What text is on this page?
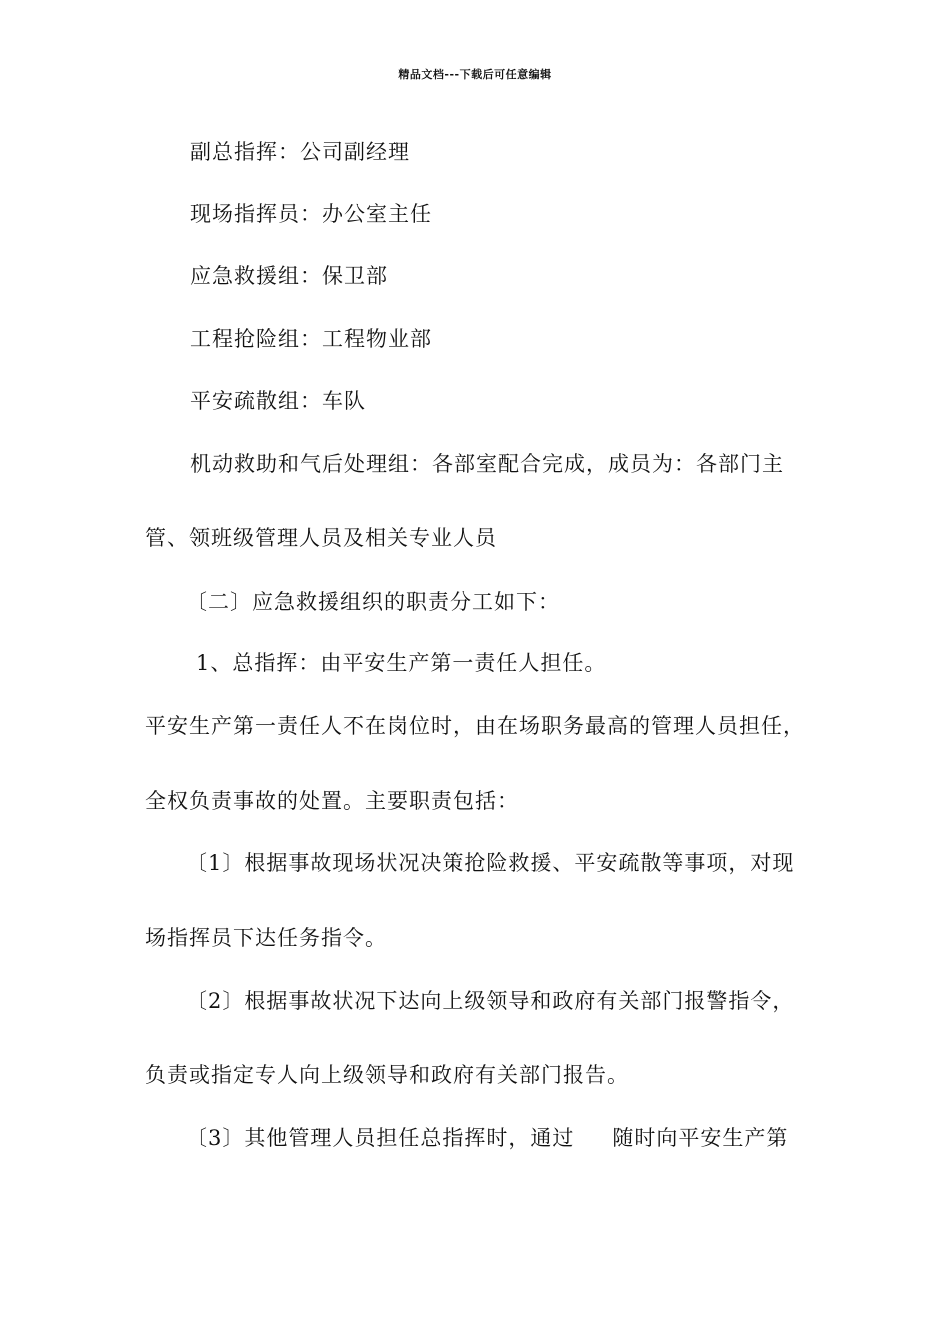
精品文档---下载后可任意编辑
副总指挥：公司副经理
现场指挥员：办公室主任
应急救援组：保卫部
工程抢险组：工程物业部
平安疏散组：车队
机动救助和气后处理组：各部室配合完成，成员为：各部门主
管、领班级管理人员及相关专业人员
〔二〕应急救援组织的职责分工如下：
1、总指挥：由平安生产第一责任人担任。
平安生产第一责任人不在岗位时，由在场职务最高的管理人员担任，
全权负责事故的处置。主要职责包括：
〔1〕根据事故现场状况决策抢险救援、平安疏散等事项，对现
场指挥员下达任务指令。
〔2〕根据事故状况下达向上级领导和政府有关部门报警指令，
负责或指定专人向上级领导和政府有关部门报告。
〔3〕其他管理人员担任总指挥时，通过 随时向平安生产第
